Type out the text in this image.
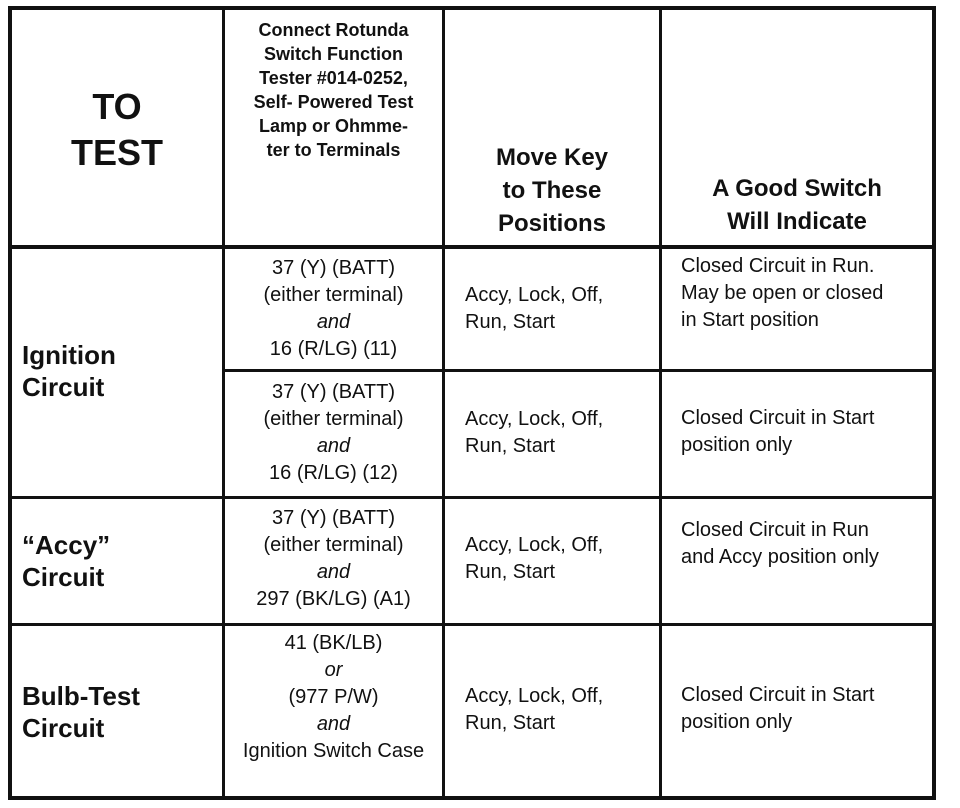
TO
TEST
Connect Rotunda
Switch Function
Tester #014-0252,
Self- Powered Test
Lamp or Ohmme-
ter to Terminals	Move Key
to These
Positions
A Good Switch
Will Indicate
Ignition
Circuit
37 (Y) (BATT)
(either terminal)
and
16 (R/LG) (11)
Accy, Lock, Off,
Run, Start
Closed Circuit in Run.
May be open or closed
in Start position
37 (Y) (BATT)
(either terminal)
and
16 (R/LG) (12)
Accy, Lock, Off,
Run, Start
Closed Circuit in Start
position only
“Accy”
Circuit
37 (Y) (BATT)
(either terminal)
and
297 (BK/LG) (A1)
Accy, Lock, Off,
Run, Start
Closed Circuit in Run
and Accy position only
Bulb-Test
Circuit
41 (BK/LB)
or
(977 P/W)
and
Ignition Switch Case
Accy, Lock, Off,
Run, Start
Closed Circuit in Start
position only
